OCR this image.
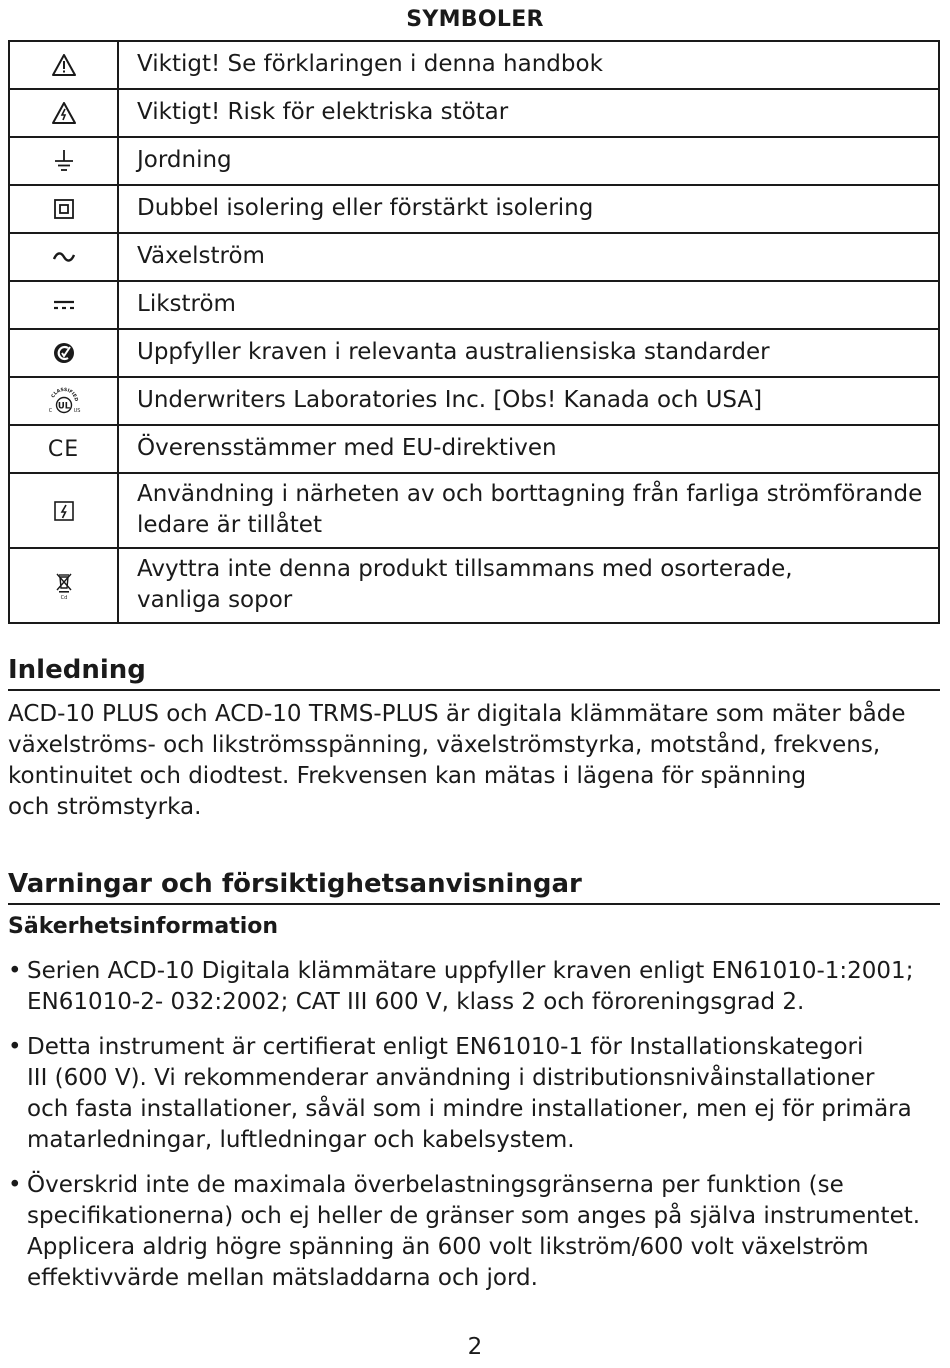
SYMBOLER
	Viktigt! Se förklaringen i denna handbok

	Viktigt! Risk för elektriska stötar

	Jordning

	Dubbel isolering eller förstärkt isolering

	Växelström

	Likström

	Uppfyller kraven i relevanta australiensiska standarder

CLASSIFIED
UL
C US	Underwriters Laboratories Inc. [Obs! Kanada och USA]
CE	Överensstämmer med EU-direktiven

	Användning i närheten av och borttagning från farliga strömförande
ledare är tillåtet

Cd	Avyttra inte denna produkt tillsammans med osorterade,
vanliga sopor
Inledning

ACD-10 PLUS och ACD-10 TRMS-PLUS är digitala klämmätare som mäter både
växelströms- och likströmsspänning, växelströmstyrka, motstånd, frekvens,
kontinuitet och diodtest. Frekvensen kan mätas i lägena för spänning
och strömstyrka.

Varningar och försiktighetsanvisningar
Säkerhetsinformation
• Serien ACD-10 Digitala klämmätare uppfyller kraven enligt EN61010-1:2001;
EN61010-2- 032:2002; CAT III 600 V, klass 2 och föroreningsgrad 2.
• Detta instrument är certifierat enligt EN61010-1 för Installationskategori
III (600 V). Vi rekommenderar användning i distributionsnivåinstallationer
och fasta installationer, såväl som i mindre installationer, men ej för primära
matarledningar, luftledningar och kabelsystem.
• Överskrid inte de maximala överbelastningsgränserna per funktion (se
specifikationerna) och ej heller de gränser som anges på själva instrumentet.
Applicera aldrig högre spänning än 600 volt likström/600 volt växelström
effektivvärde mellan mätsladdarna och jord.
2
